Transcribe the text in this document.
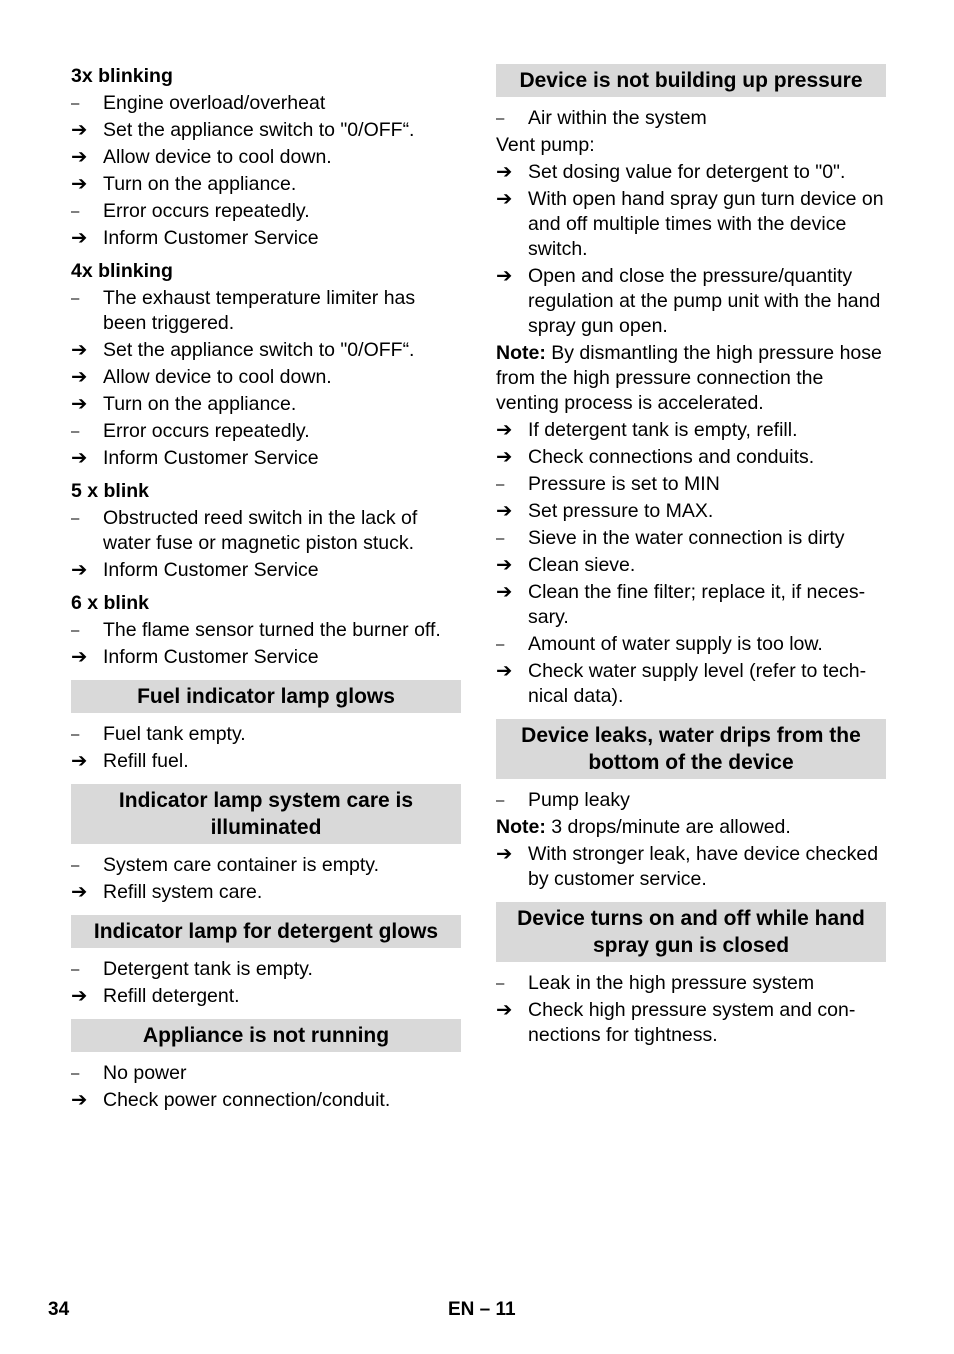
3x blinking
–	Engine overload/overheat
➔ Set the appliance switch to "0/OFF“.
➔ Allow device to cool down.
➔ Turn on the appliance.
–	Error occurs repeatedly.
➔ Inform Customer Service
4x blinking
–	The exhaust temperature limiter has been triggered.
➔ Set the appliance switch to "0/OFF“.
➔ Allow device to cool down.
➔ Turn on the appliance.
–	Error occurs repeatedly.
➔ Inform Customer Service
5 x blink
–	Obstructed reed switch in the lack of water fuse or magnetic piston stuck.
➔ Inform Customer Service
6 x blink
–	The flame sensor turned the burner off.
➔ Inform Customer Service
Fuel indicator lamp glows
–	Fuel tank empty.
➔ Refill fuel.
Indicator lamp system care is illuminated
–	System care container is empty.
➔ Refill system care.
Indicator lamp for detergent glows
–	Detergent tank is empty.
➔ Refill detergent.
Appliance is not running
–	No power
➔ Check power connection/conduit.
Device is not building up pressure
–	Air within the system
Vent pump:
➔ Set dosing value for detergent to "0".
➔ With open hand spray gun turn device on and off multiple times with the device switch.
➔ Open and close the pressure/quantity regulation at the pump unit with the hand spray gun open.
Note: By dismantling the high pressure hose from the high pressure connection the venting process is accelerated.
➔ If detergent tank is empty, refill.
➔ Check connections and conduits.
–	Pressure is set to MIN
➔ Set pressure to MAX.
–	Sieve in the water connection is dirty
➔ Clean sieve.
➔ Clean the fine filter; replace it, if neces-sary.
–	Amount of water supply is too low.
➔ Check water supply level (refer to tech-nical data).
Device leaks, water drips from the bottom of the device
–	Pump leaky
Note: 3 drops/minute are allowed.
➔ With stronger leak, have device checked by customer service.
Device turns on and off while hand spray gun is closed
–	Leak in the high pressure system
➔ Check high pressure system and con-nections for tightness.
34	EN – 11
